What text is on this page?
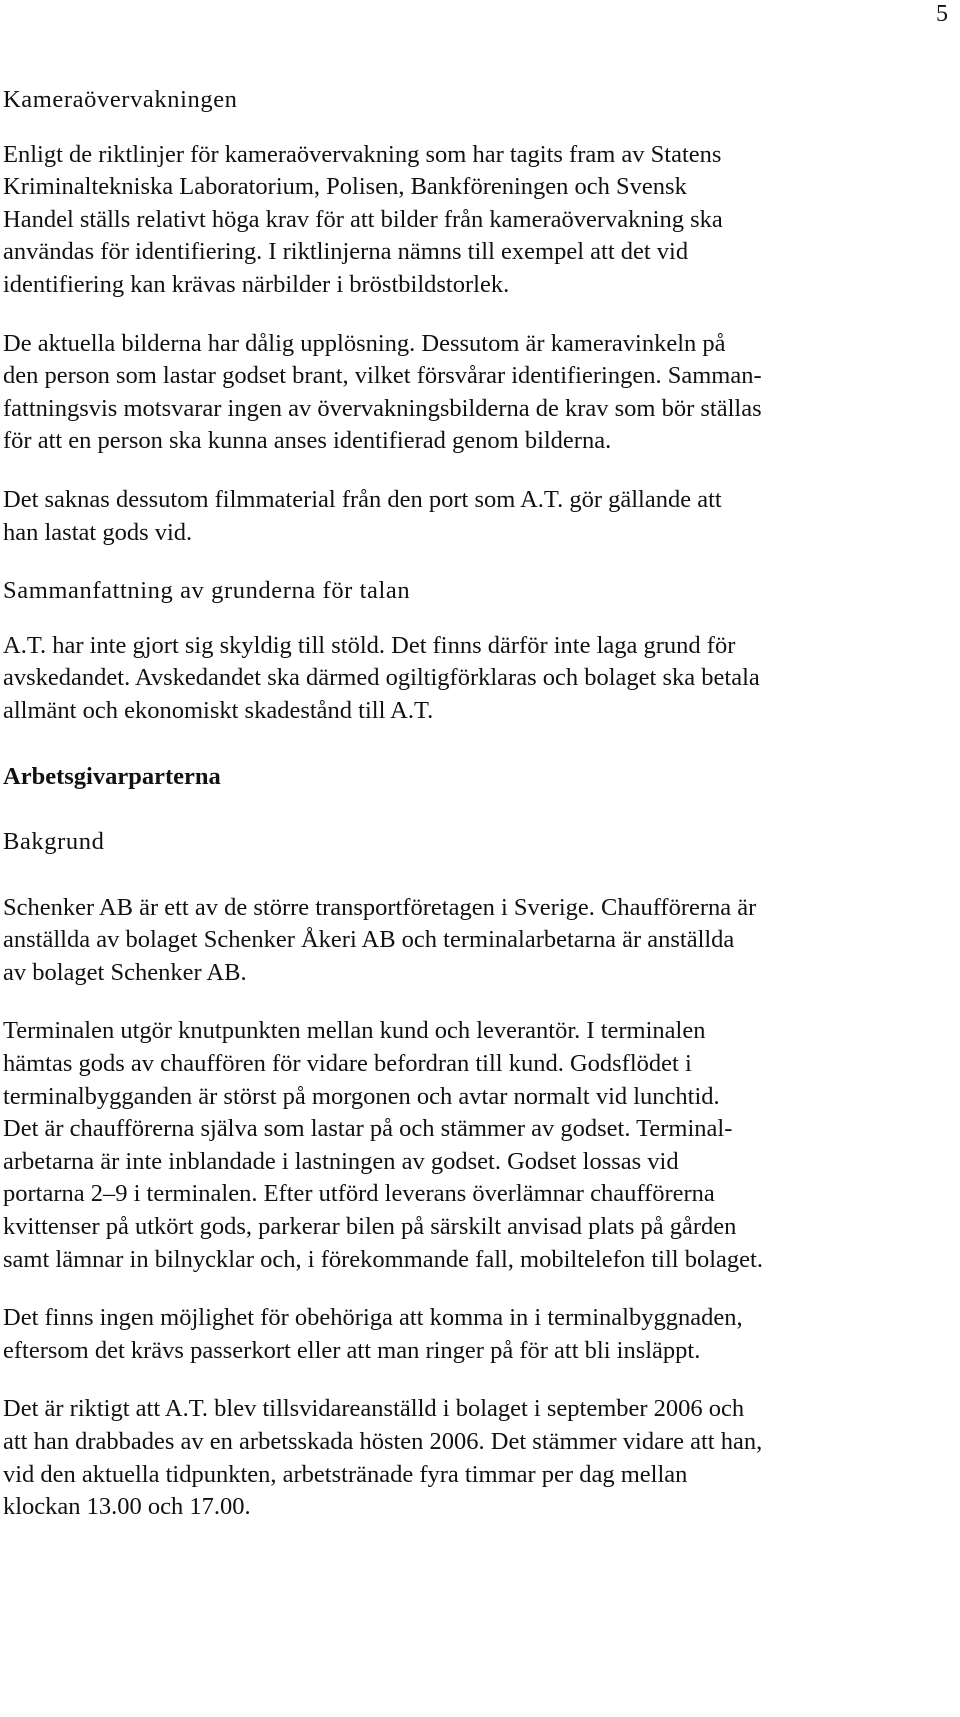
5

Kameraövervakningen

Enligt de riktlinjer för kameraövervakning som har tagits fram av Statens
Kriminaltekniska Laboratorium, Polisen, Bankföreningen och Svensk
Handel ställs relativt höga krav för att bilder från kameraövervakning ska
användas för identifiering. I riktlinjerna nämns till exempel att det vid
identifiering kan krävas närbilder i bröstbildstorlek.

De aktuella bilderna har dålig upplösning. Dessutom är kameravinkeln på
den person som lastar godset brant, vilket försvårar identifieringen. Samman-
fattningsvis motsvarar ingen av övervakningsbilderna de krav som bör ställas
för att en person ska kunna anses identifierad genom bilderna.

Det saknas dessutom filmmaterial från den port som A.T. gör gällande att
han lastat gods vid.

Sammanfattning av grunderna för talan

A.T. har inte gjort sig skyldig till stöld. Det finns därför inte laga grund för
avskedandet. Avskedandet ska därmed ogiltigförklaras och bolaget ska betala
allmänt och ekonomiskt skadestånd till A.T.

Arbetsgivarparterna

Bakgrund

Schenker AB är ett av de större transportföretagen i Sverige. Chaufförerna är
anställda av bolaget Schenker Åkeri AB och terminalarbetarna är anställda
av bolaget Schenker AB.

Terminalen utgör knutpunkten mellan kund och leverantör. I terminalen
hämtas gods av chauffören för vidare befordran till kund. Godsflödet i
terminalbygganden är störst på morgonen och avtar normalt vid lunchtid.
Det är chaufförerna själva som lastar på och stämmer av godset. Terminal-
arbetarna är inte inblandade i lastningen av godset. Godset lossas vid
portarna 2–9 i terminalen. Efter utförd leverans överlämnar chaufförerna
kvittenser på utkört gods, parkerar bilen på särskilt anvisad plats på gården
samt lämnar in bilnycklar och, i förekommande fall, mobiltelefon till bolaget.

Det finns ingen möjlighet för obehöriga att komma in i terminalbyggnaden,
eftersom det krävs passerkort eller att man ringer på för att bli insläppt.

Det är riktigt att A.T. blev tillsvidareanställd i bolaget i september 2006 och
att han drabbades av en arbetsskada hösten 2006. Det stämmer vidare att han,
vid den aktuella tidpunkten, arbetstränade fyra timmar per dag mellan
klockan 13.00 och 17.00.
